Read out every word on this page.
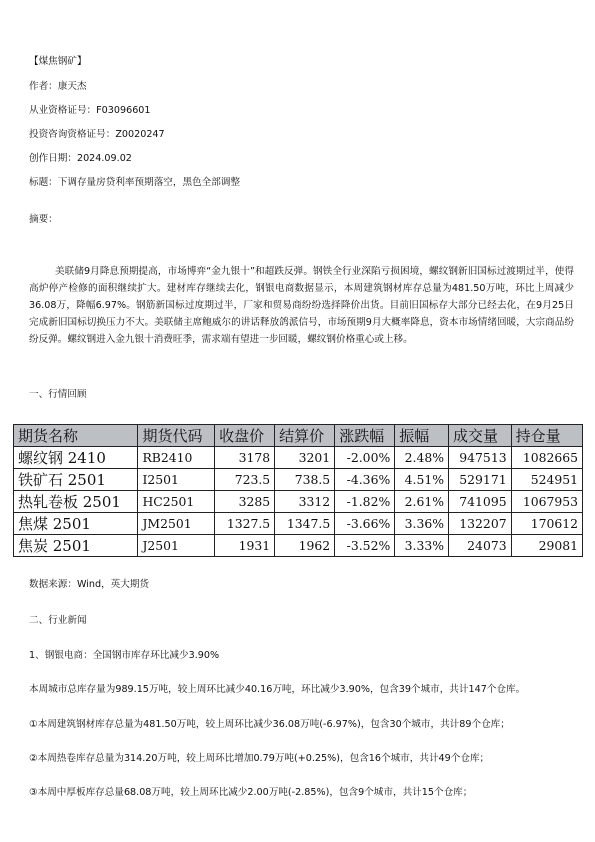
【煤焦钢矿】
作者：康天杰
从业资格证号：F03096601
投资咨询资格证号：Z0020247
创作日期：2024.09.02
标题：下调存量房贷利率预期落空，黑色全部调整
摘要：
美联储9月降息预期提高，市场博弈“金九银十”和超跌反弹。钢铁全行业深陷亏损困境，螺纹钢新旧国标过渡期过半，使得高炉停产检修的面积继续扩大。建材库存继续去化，钢银电商数据显示，本周建筑钢材库存总量为481.50万吨，环比上周减少36.08万，降幅6.97%。钢筋新国标过度期过半，厂家和贸易商纷纷选择降价出货。目前旧国标存大部分已经去化，在9月25日 完成新旧国标切换压力不大。美联储主席鲍威尔的讲话释放鸽派信号，市场预期9月大概率降息，资本市场情绪回暖，大宗商品纷纷反弹。螺纹钢进入金九银十消费旺季，需求端有望进一步回暖，螺纹钢价格重心或上移。
一、行情回顾
期货名称	期货代码	收盘价	结算价	涨跌幅	振幅	成交量	持仓量
螺纹钢 2410	RB2410	3178	3201	-2.00%	2.48%	947513	1082665
铁矿石 2501	I2501	723.5	738.5	-4.36%	4.51%	529171	524951
热轧卷板 2501	HC2501	3285	3312	-1.82%	2.61%	741095	1067953
焦煤 2501	JM2501	1327.5	1347.5	-3.66%	3.36%	132207	170612
焦炭 2501	J2501	1931	1962	-3.52%	3.33%	24073	29081
数据来源：Wind，英大期货
二、行业新闻
1、钢银电商：全国钢市库存环比减少3.90%
本周城市总库存量为989.15万吨，较上周环比减少40.16万吨，环比减少3.90%，包含39个城市，共计147个仓库。
①本周建筑钢材库存总量为481.50万吨，较上周环比减少36.08万吨(-6.97%)，包含30个城市，共计89个仓库；
②本周热卷库存总量为314.20万吨，较上周环比增加0.79万吨(+0.25%)，包含16个城市，共计49个仓库；
③本周中厚板库存总量68.08万吨，较上周环比减少2.00万吨(-2.85%)，包含9个城市，共计15个仓库；
